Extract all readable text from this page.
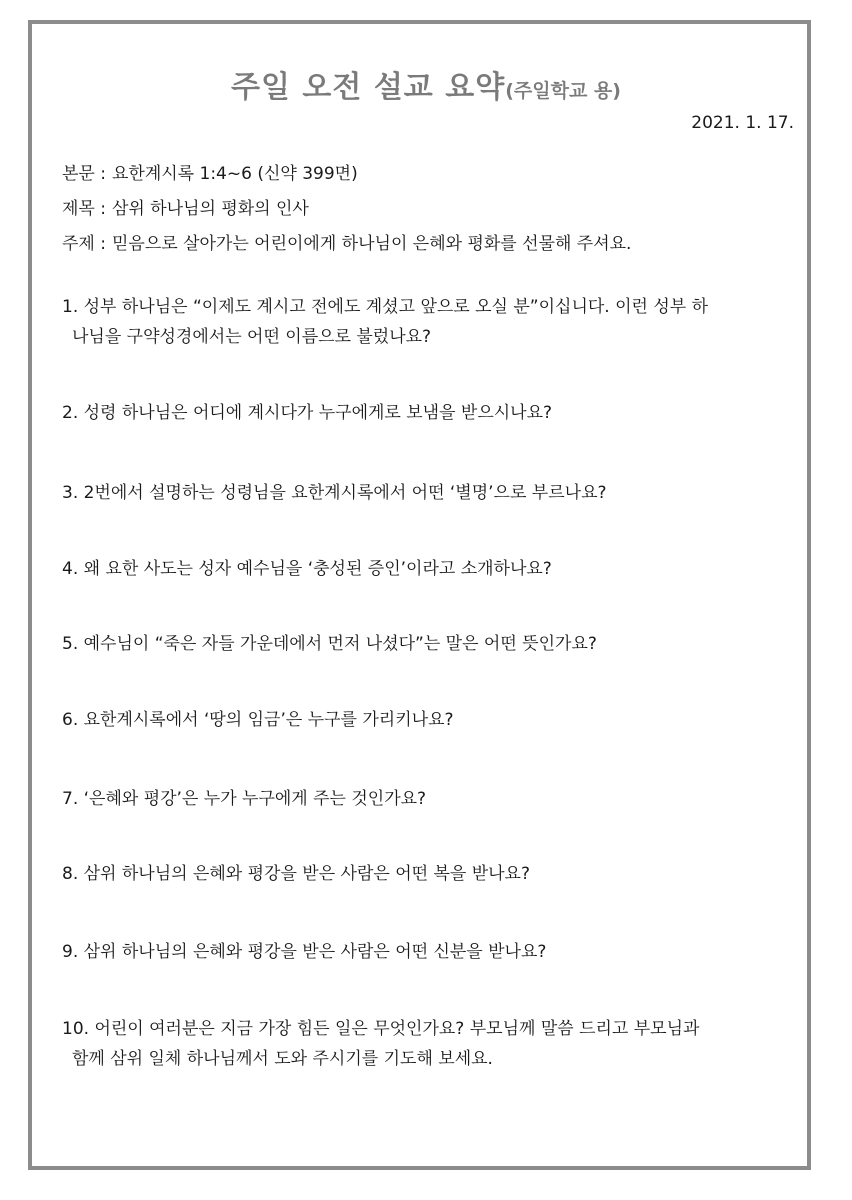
주일 오전 설교 요약(주일학교 용)
2021. 1. 17.
본문 : 요한계시록 1:4~6 (신약 399면)
제목 : 삼위 하나님의 평화의 인사
주제 : 믿음으로 살아가는 어린이에게 하나님이 은혜와 평화를 선물해 주셔요.
1. 성부 하나님은 “이제도 계시고 전에도 계셨고 앞으로 오실 분”이십니다. 이런 성부 하
나님을 구약성경에서는 어떤 이름으로 불렀나요?
2. 성령 하나님은 어디에 계시다가 누구에게로 보냄을 받으시나요?
3. 2번에서 설명하는 성령님을 요한계시록에서 어떤 ‘별명’으로 부르나요?
4. 왜 요한 사도는 성자 예수님을 ‘충성된 증인’이라고 소개하나요?
5. 예수님이 “죽은 자들 가운데에서 먼저 나셨다”는 말은 어떤 뜻인가요?
6. 요한계시록에서 ‘땅의 임금’은 누구를 가리키나요?
7. ‘은혜와 평강’은 누가 누구에게 주는 것인가요?
8. 삼위 하나님의 은혜와 평강을 받은 사람은 어떤 복을 받나요?
9. 삼위 하나님의 은혜와 평강을 받은 사람은 어떤 신분을 받나요?
10. 어린이 여러분은 지금 가장 힘든 일은 무엇인가요? 부모님께 말씀 드리고 부모님과
함께 삼위 일체 하나님께서 도와 주시기를 기도해 보세요.
